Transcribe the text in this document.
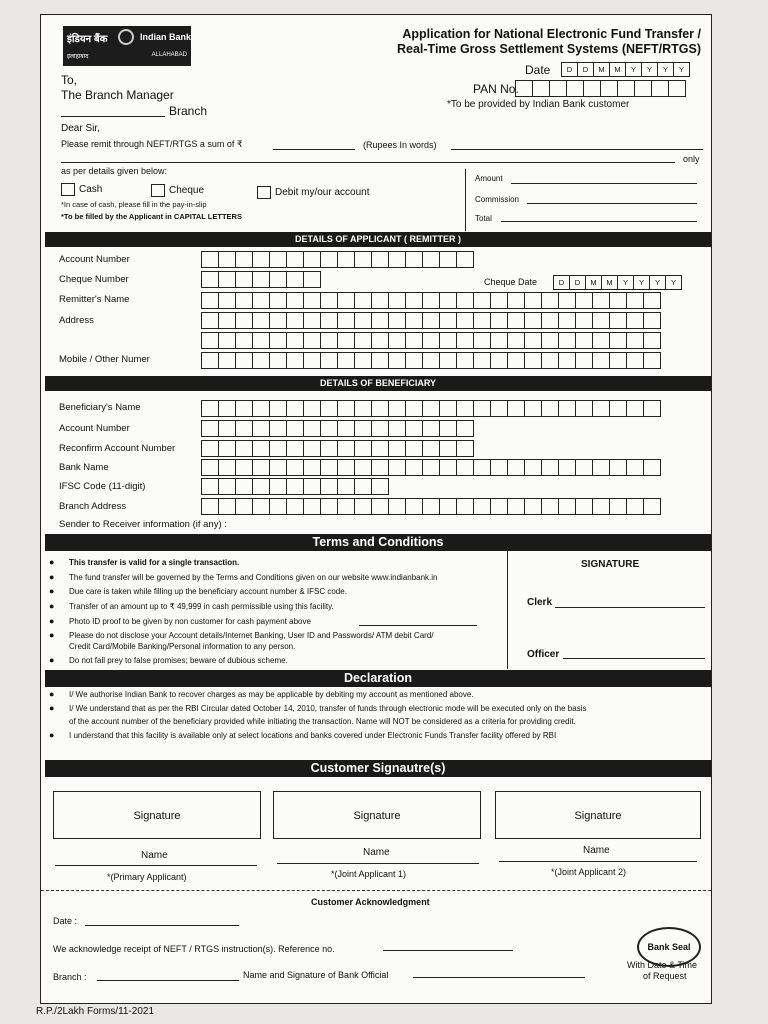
इंडियन बैंक	Indian Bank
इलाहाबाद	ALLAHABAD
Application for National Electronic Fund Transfer /
Real-Time Gross Settlement Systems (NEFT/RTGS)
Date	D	D	M	M	Y	Y	Y	Y
To,
The Branch Manager
Branch
PAN No.
*To be provided by Indian Bank customer
Dear Sir,
Please remit through NEFT/RTGS a sum of ₹	(Rupees In words)
only
as per details given below:
Cash	Cheque	Debit my/our account
*In case of cash, please fill in the pay-in-slip
*To be filled by the Applicant in CAPITAL LETTERS
Amount
Commission
Total
DETAILS OF APPLICANT ( REMITTER )
Account Number
Cheque Number	Cheque Date	D	D	M	M	Y	Y	Y	Y
Remitter's Name
Address
Mobile / Other Numer
DETAILS OF BENEFICIARY
Beneficiary's Name
Account Number
Reconfirm Account Number
Bank Name
IFSC Code (11-digit)
Branch Address
Sender to Receiver information (if any) :
Terms and Conditions
● This transfer is valid for a single transaction.
● The fund transfer will be governed by the Terms and Conditions given on our website www.indianbank.in
● Due care is taken while filling up the beneficiary account number & IFSC code.
● Transfer of an amount up to ₹ 49,999 in cash permissible using this facility.
● Photo ID proof to be given by non customer for cash payment above
● Please do not disclose your Account details/Internet Banking, User ID and Passwords/ ATM debit Card/
Credit Card/Mobile Banking/Personal information to any person.
● Do not fall prey to false promises; beware of dubious scheme.
SIGNATURE
Clerk
Officer
Declaration
● I/ We authorise Indian Bank to recover charges as may be applicable by debiting my account as mentioned above.
● I/ We understand that as per the RBI Circular dated October 14, 2010, transfer of funds through electronic mode will be executed only on the basis
of the account number of the beneficiary provided while initiating the transaction. Name will NOT be considered as a criteria for providing credit.
● I understand that this facility is available only at select locations and banks covered under Electronic Funds Transfer facility offered by RBI
Customer Signautre(s)
Signature	Signature	Signature
Name	Name	Name
*(Primary Applicant)	*(Joint Applicant 1)	*(Joint Applicant 2)
Customer Acknowledgment
Date :
We acknowledge receipt of NEFT / RTGS instruction(s). Reference no.
Branch :	Name and Signature of Bank Official
Bank Seal
With Date & Time
of Request
R.P./2Lakh Forms/11-2021
